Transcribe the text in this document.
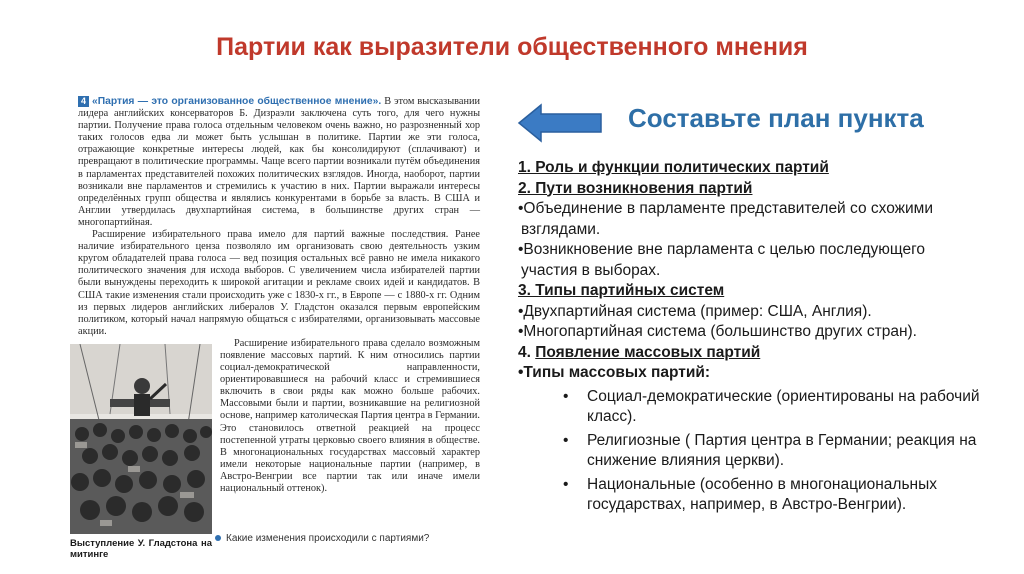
Партии как выразители общественного мнения

4 «Партия — это организованное общественное мнение». В этом высказывании лидера английских консерваторов Б. Дизраэли заключена суть того, для чего нужны партии. Получение права голоса отдельным человеком очень важно, но разрозненный хор таких голосов едва ли может быть услышан в политике. Партии же эти голоса, отражающие конкретные интересы людей, как бы консолидируют (сплачивают) и превращают в политические программы. Чаще всего партии возникали путём объединения в парламентах представителей похожих политических взглядов. Иногда, наоборот, партии возникали вне парламентов и стремились к участию в них. Партии выражали интересы определённых групп общества и являлись конкурентами в борьбе за власть. В США и Англии утвердилась двухпартийная система, в большинстве других стран — многопартийная.

Расширение избирательного права имело для партий важные последствия. Ранее наличие избирательного ценза позволяло им организовать свою деятельность узким кругом обладателей права голоса — вед позиция остальных всё равно не имела никакого политического значения для исхода выборов. С увеличением числа избирателей партии были вынуждены переходить к широкой агитации и рекламе своих идей и кандидатов. В США такие изменения стали происходить уже с 1830-х гг., в Европе — с 1880-х гг. Одним из первых лидеров английских либералов У. Гладстон оказался первым европейским политиком, который начал напрямую общаться с избирателями, организовывать массовые акции.

Выступление У. Гладстона на митинге

Расширение избирательного права сделало возможным появление массовых партий. К ним относились партии социал-демократической направленности, ориентировавшиеся на рабочий класс и стремившиеся включить в свои ряды как можно больше рабочих. Массовыми были и партии, возникавшие на религиозной основе, например католическая Партия центра в Германии. Это становилось ответной реакцией на процесс постепенной утраты церковью своего влияния в обществе. В многонациональных государствах массовый характер имели некоторые национальные партии (например, в Австро-Венгрии все партии так или иначе имели национальный оттенок).

Какие изменения происходили с партиями?
Составьте план пункта
1. Роль и функции политических партий
2. Пути возникновения партий
•Объединение в парламенте представителей со схожими
взглядами.
•Возникновение вне парламента с целью последующего
участия в выборах.
3. Типы партийных систем
•Двухпартийная система (пример: США, Англия).
•Многопартийная система (большинство других стран).
4. Появление массовых партий
•Типы массовых партий:
• Социал-демократические (ориентированы на рабочий класс).
• Религиозные ( Партия центра в Германии; реакция на снижение влияния церкви).
• Национальные (особенно в многонациональных государствах, например, в Австро-Венгрии).
